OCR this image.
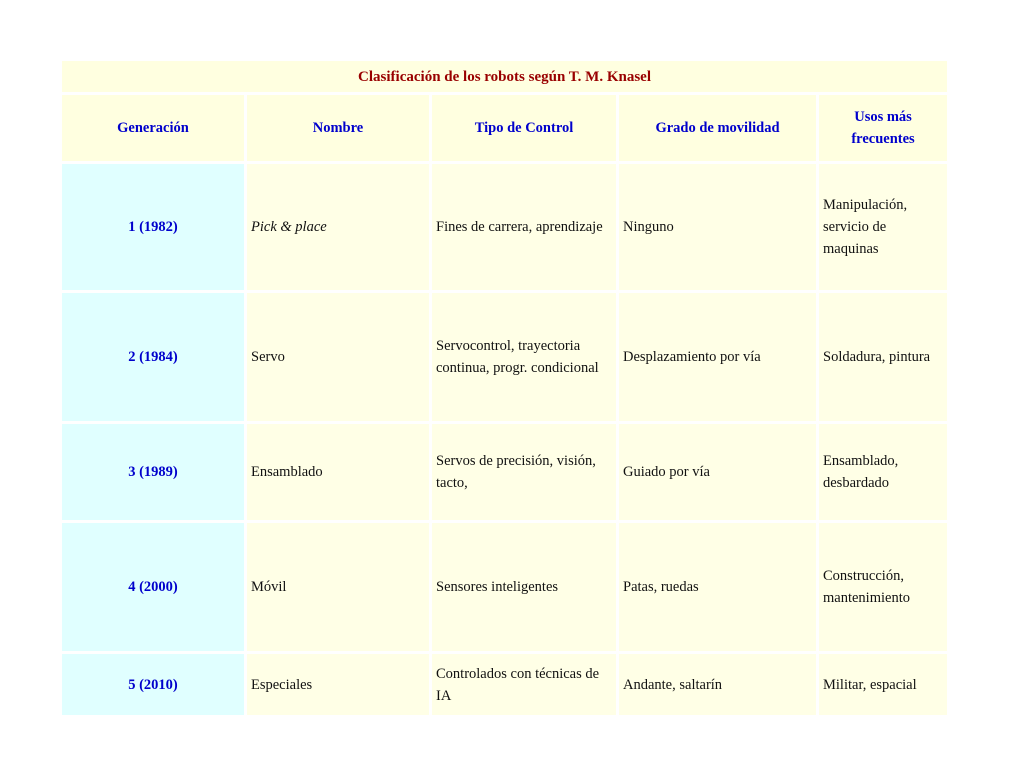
Clasificación de los robots según T. M. Knasel				
Generación	Nombre	Tipo de Control	Grado de movilidad	Usos más
frecuentes
1 (1982)	Pick & place	Fines de carrera, aprendizaje	Ninguno	Manipulación,
servicio de
maquinas
2 (1984)	Servo	Servocontrol, trayectoria
continua, progr. condicional	Desplazamiento por vía	Soldadura, pintura
3 (1989)	Ensamblado	Servos de precisión, visión,
tacto,	Guiado por vía	Ensamblado,
desbardado
4 (2000)	Móvil	Sensores inteligentes	Patas, ruedas	Construcción,
mantenimiento
5 (2010)	Especiales	Controlados con técnicas de
IA	Andante, saltarín	Militar, espacial
